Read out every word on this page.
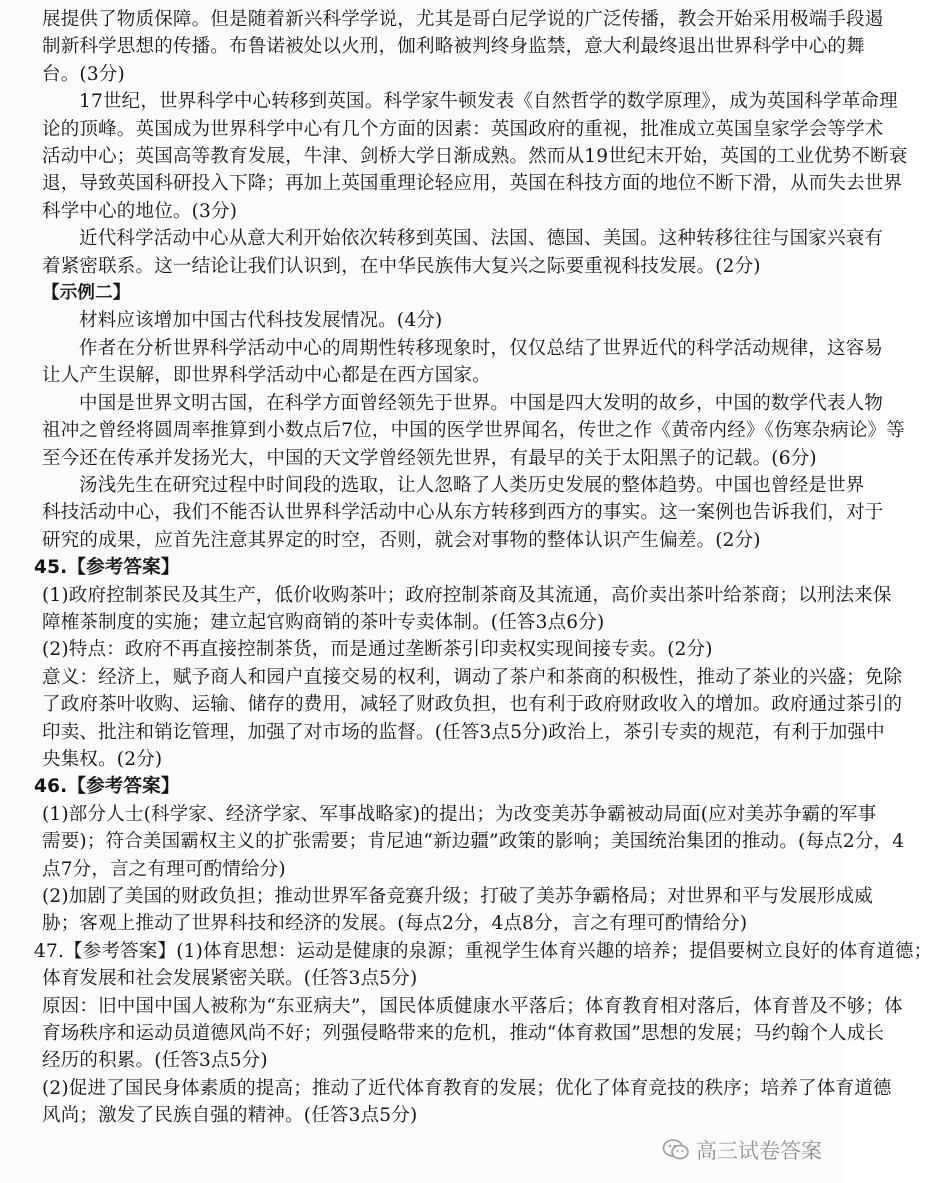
展提供了物质保障。但是随着新兴科学学说，尤其是哥白尼学说的广泛传播，教会开始采用极端手段遏
制新科学思想的传播。布鲁诺被处以火刑，伽利略被判终身监禁，意大利最终退出世界科学中心的舞
台。(3分)
17世纪，世界科学中心转移到英国。科学家牛顿发表《自然哲学的数学原理》，成为英国科学革命理
论的顶峰。英国成为世界科学中心有几个方面的因素：英国政府的重视，批准成立英国皇家学会等学术
活动中心；英国高等教育发展，牛津、剑桥大学日渐成熟。然而从19世纪末开始，英国的工业优势不断衰
退，导致英国科研投入下降；再加上英国重理论轻应用，英国在科技方面的地位不断下滑，从而失去世界
科学中心的地位。(3分)
近代科学活动中心从意大利开始依次转移到英国、法国、德国、美国。这种转移往往与国家兴衰有
着紧密联系。这一结论让我们认识到，在中华民族伟大复兴之际要重视科技发展。(2分)
【示例二】
材料应该增加中国古代科技发展情况。(4分)
作者在分析世界科学活动中心的周期性转移现象时，仅仅总结了世界近代的科学活动规律，这容易
让人产生误解，即世界科学活动中心都是在西方国家。
中国是世界文明古国，在科学方面曾经领先于世界。中国是四大发明的故乡，中国的数学代表人物
祖冲之曾经将圆周率推算到小数点后7位，中国的医学世界闻名，传世之作《黄帝内经》《伤寒杂病论》等
至今还在传承并发扬光大，中国的天文学曾经领先世界，有最早的关于太阳黑子的记载。(6分)
汤浅先生在研究过程中时间段的选取，让人忽略了人类历史发展的整体趋势。中国也曾经是世界
科技活动中心，我们不能否认世界科学活动中心从东方转移到西方的事实。这一案例也告诉我们，对于
研究的成果，应首先注意其界定的时空，否则，就会对事物的整体认识产生偏差。(2分)
45.【参考答案】
(1)政府控制茶民及其生产，低价收购茶叶；政府控制茶商及其流通，高价卖出茶叶给茶商；以刑法来保
障榷茶制度的实施；建立起官购商销的茶叶专卖体制。(任答3点6分)
(2)特点：政府不再直接控制茶货，而是通过垄断茶引印卖权实现间接专卖。(2分)
意义：经济上，赋予商人和园户直接交易的权利，调动了茶户和茶商的积极性，推动了茶业的兴盛；免除
了政府茶叶收购、运输、储存的费用，减轻了财政负担，也有利于政府财政收入的增加。政府通过茶引的
印卖、批注和销讫管理，加强了对市场的监督。(任答3点5分)政治上，茶引专卖的规范，有利于加强中
央集权。(2分)
46.【参考答案】
(1)部分人士(科学家、经济学家、军事战略家)的提出；为改变美苏争霸被动局面(应对美苏争霸的军事
需要)；符合美国霸权主义的扩张需要；肯尼迪“新边疆”政策的影响；美国统治集团的推动。(每点2分，4
点7分，言之有理可酌情给分)
(2)加剧了美国的财政负担；推动世界军备竞赛升级；打破了美苏争霸格局；对世界和平与发展形成威
胁；客观上推动了世界科技和经济的发展。(每点2分，4点8分，言之有理可酌情给分)
47.【参考答案】(1)体育思想：运动是健康的泉源；重视学生体育兴趣的培养；提倡要树立良好的体育道德；
体育发展和社会发展紧密关联。(任答3点5分)
原因：旧中国中国人被称为“东亚病夫”，国民体质健康水平落后；体育教育相对落后，体育普及不够；体
育场秩序和运动员道德风尚不好；列强侵略带来的危机，推动“体育救国”思想的发展；马约翰个人成长
经历的积累。(任答3点5分)
(2)促进了国民身体素质的提高；推动了近代体育教育的发展；优化了体育竞技的秩序；培养了体育道德
风尚；激发了民族自强的精神。(任答3点5分)
高三试卷答案
